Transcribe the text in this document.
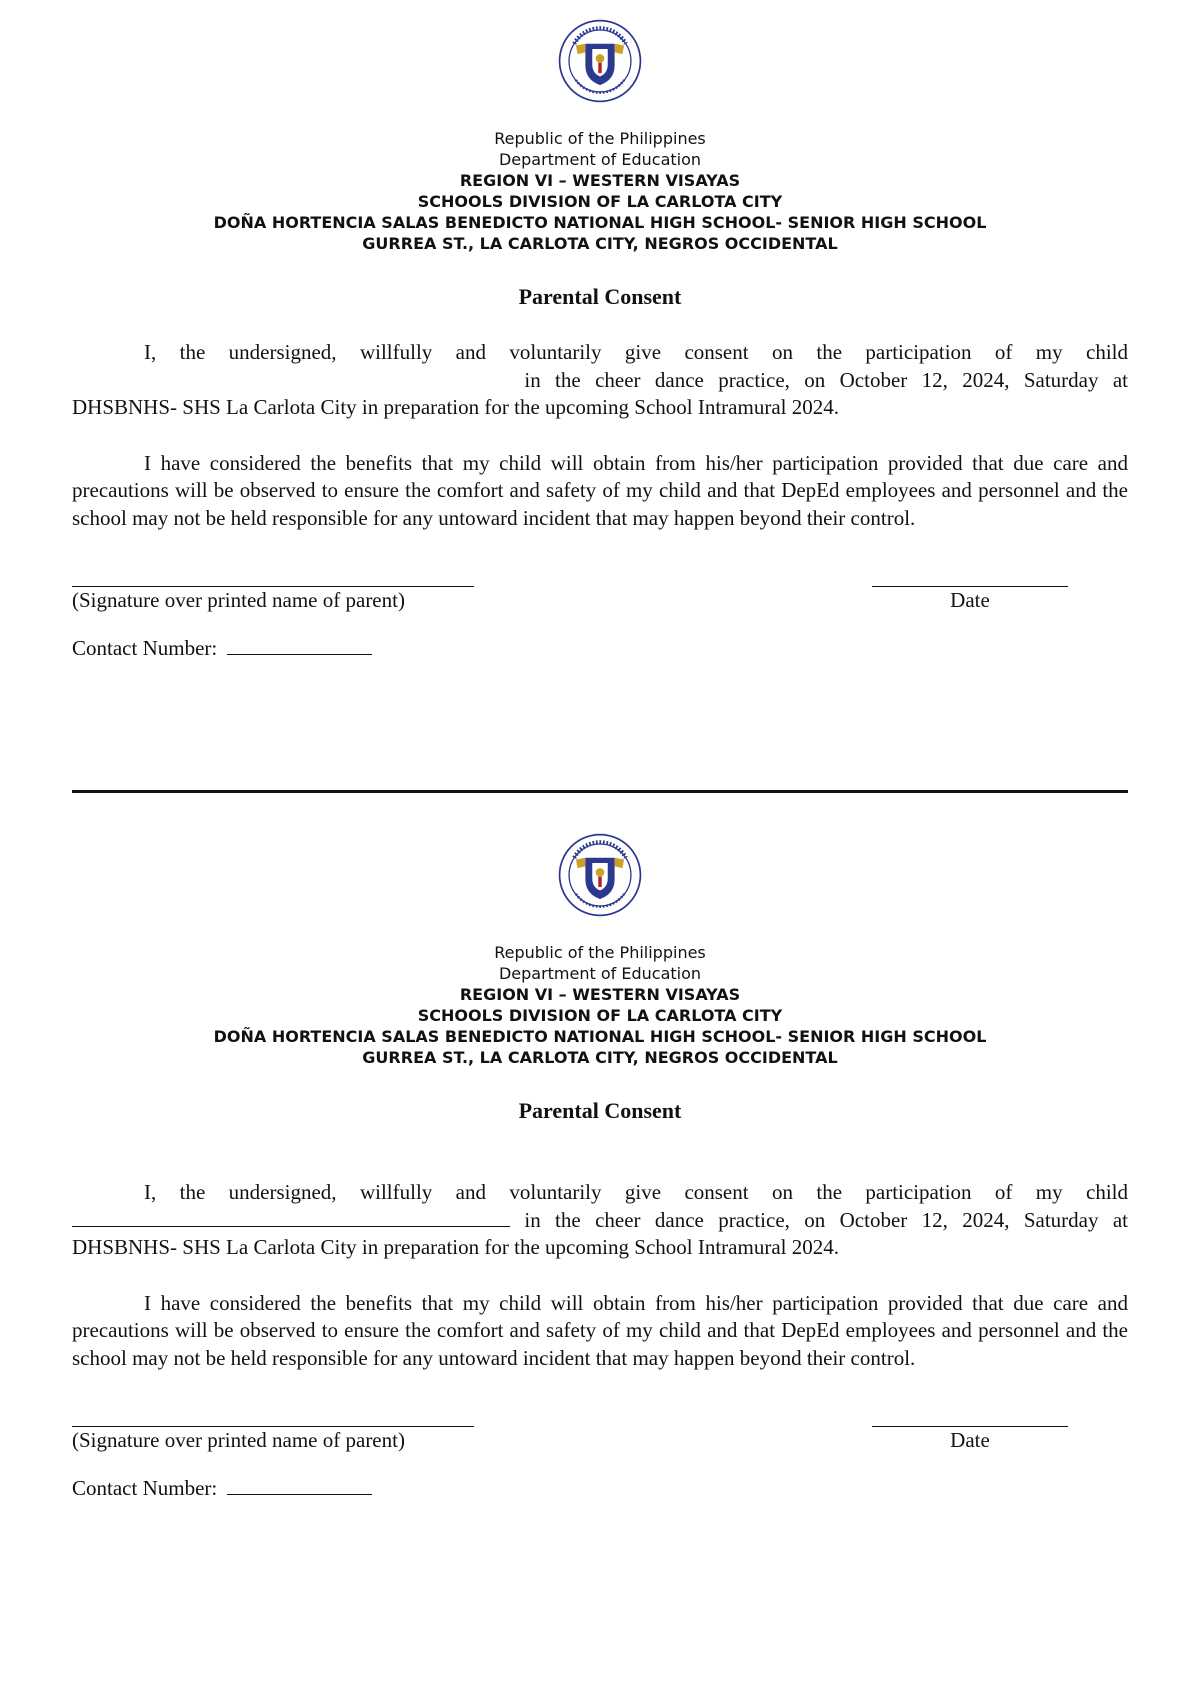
Republic of the Philippines
Department of Education
REGION VI – WESTERN VISAYAS
SCHOOLS DIVISION OF LA CARLOTA CITY
DOÑA HORTENCIA SALAS BENEDICTO NATIONAL HIGH SCHOOL- SENIOR HIGH SCHOOL
GURREA ST., LA CARLOTA CITY, NEGROS OCCIDENTAL
Parental Consent
I, the undersigned, willfully and voluntarily give consent on the participation of my child  in the cheer dance practice, on October 12, 2024, Saturday at DHSBNHS- SHS La Carlota City in preparation for the upcoming School Intramural 2024.
I have considered the benefits that my child will obtain from his/her participation provided that due care and precautions will be observed to ensure the comfort and safety of my child and that DepEd employees and personnel and the school may not be held responsible for any untoward incident that may happen beyond their control.
(Signature over printed name of parent)	Date
Contact Number:
Republic of the Philippines
Department of Education
REGION VI – WESTERN VISAYAS
SCHOOLS DIVISION OF LA CARLOTA CITY
DOÑA HORTENCIA SALAS BENEDICTO NATIONAL HIGH SCHOOL- SENIOR HIGH SCHOOL
GURREA ST., LA CARLOTA CITY, NEGROS OCCIDENTAL
Parental Consent
I, the undersigned, willfully and voluntarily give consent on the participation of my child  in the cheer dance practice, on October 12, 2024, Saturday at DHSBNHS- SHS La Carlota City in preparation for the upcoming School Intramural 2024.
I have considered the benefits that my child will obtain from his/her participation provided that due care and precautions will be observed to ensure the comfort and safety of my child and that DepEd employees and personnel and the school may not be held responsible for any untoward incident that may happen beyond their control.
(Signature over printed name of parent)	Date
Contact Number:
